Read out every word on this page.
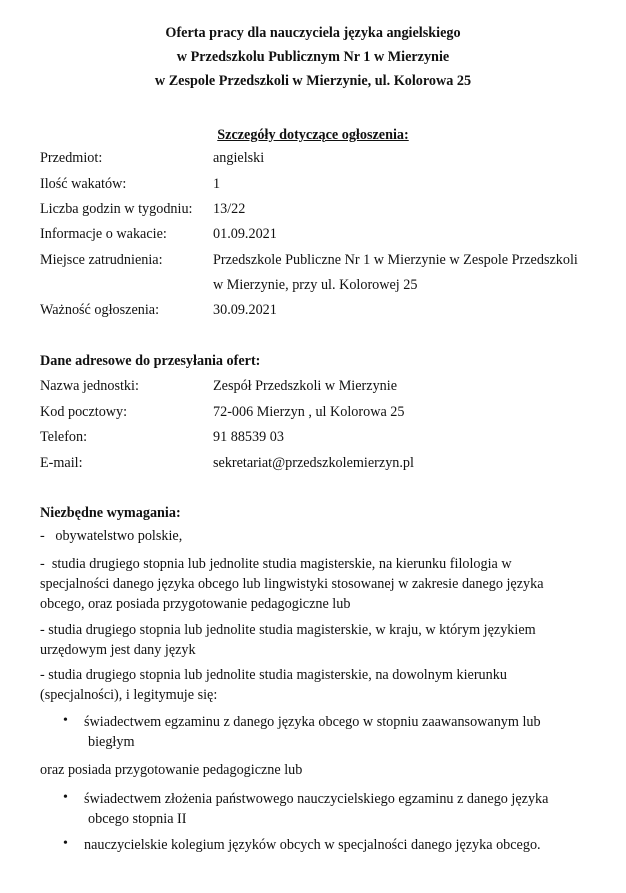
Oferta pracy dla nauczyciela języka angielskiego
w Przedszkolu Publicznym Nr 1 w Mierzynie
w Zespole Przedszkoli w Mierzynie, ul. Kolorowa 25
Szczegóły dotyczące ogłoszenia:
Przedmiot:	angielski
Ilość wakatów:	1
Liczba godzin w tygodniu: 13/22
Informacje o wakacie:	01.09.2021
Miejsce zatrudnienia:	Przedszkole Publiczne Nr 1 w Mierzynie w Zespole Przedszkoli
w Mierzynie, przy ul. Kolorowej 25
Ważność ogłoszenia:	30.09.2021
Dane adresowe do przesyłania ofert:
Nazwa jednostki:	Zespół Przedszkoli w Mierzynie
Kod pocztowy:	72-006 Mierzyn , ul Kolorowa 25
Telefon:	91 88539 03
E-mail:	sekretariat@przedszkolemierzyn.pl
Niezbędne wymagania:
-   obywatelstwo polskie,
-  studia drugiego stopnia lub jednolite studia magisterskie, na kierunku filologia w
specjalności danego języka obcego lub lingwistyki stosowanej w zakresie danego języka
obcego, oraz posiada przygotowanie pedagogiczne lub
- studia drugiego stopnia lub jednolite studia magisterskie, w kraju, w którym językiem
urzędowym jest dany język
- studia drugiego stopnia lub jednolite studia magisterskie, na dowolnym kierunku
(specjalności), i legitymuje się:
• świadectwem egzaminu z danego języka obcego w stopniu zaawansowanym lub
biegłym
oraz posiada przygotowanie pedagogiczne lub
• świadectwem złożenia państwowego nauczycielskiego egzaminu z danego języka
obcego stopnia II
• nauczycielskie kolegium języków obcych w specjalności danego języka obcego.
